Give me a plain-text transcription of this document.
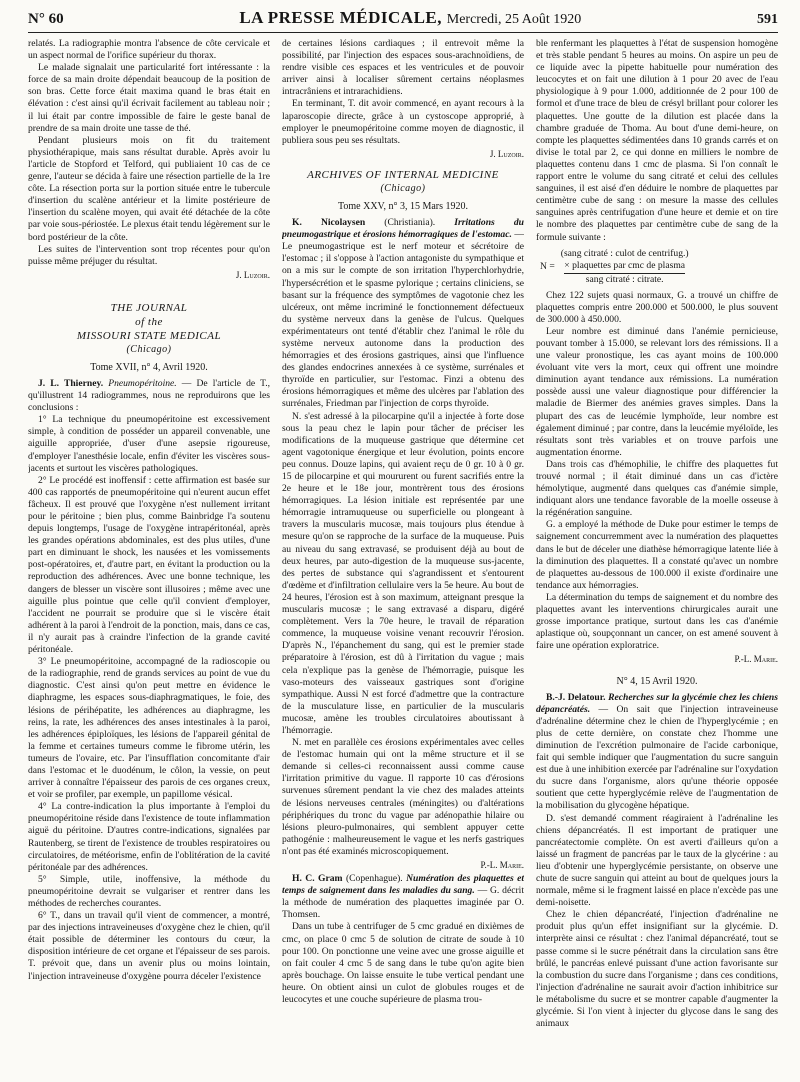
N° 60	LA PRESSE MÉDICALE, Mercredi, 25 Août 1920	591

relatés. La radiographie montra l'absence de côte cervicale et un aspect normal de l'orifice supérieur du thorax.

Le malade signalait une particularité fort intéressante : la force de sa main droite dépendait beaucoup de la position de son bras. Cette force était maxima quand le bras était en élévation : c'est ainsi qu'il écrivait facilement au tableau noir ; il lui était par contre impossible de faire le geste banal de prendre de sa main droite une tasse de thé.

Pendant plusieurs mois on fit du traitement physiothérapique, mais sans résultat durable. Après avoir lu l'article de Stopford et Telford, qui publiaient 10 cas de ce genre, l'auteur se décida à faire une résection partielle de la 1re côte. La résection porta sur la portion située entre le tubercule d'insertion du scalène antérieur et la limite postérieure de l'insertion du scalène moyen, qui avait été détachée de la côte par voie sous-périostée. Le plexus était tendu légèrement sur le bord postérieur de la côte.

Les suites de l'intervention sont trop récentes pour qu'on puisse même préjuger du résultat.

J. Luzoir.
THE JOURNAL
of the
MISSOURI STATE MEDICAL
(Chicago)
Tome XVII, n° 4, Avril 1920.

J. L. Thierney. Pneumopéritoine. — De l'article de T., qu'illustrent 14 radiogrammes, nous ne reproduirons que les conclusions :

1° La technique du pneumopéritoine est excessivement simple, à condition de posséder un appareil convenable, une aiguille appropriée, d'user d'une asepsie rigoureuse, d'employer l'anesthésie locale, enfin d'éviter les viscères sous-jacents et surtout les viscères pathologiques.

2° Le procédé est inoffensif : cette affirmation est basée sur 400 cas rapportés de pneumopéritoine qui n'eurent aucun effet fâcheux. Il est prouvé que l'oxygène n'est nullement irritant pour le péritoine ; bien plus, comme Bainbridge l'a soutenu depuis longtemps, l'usage de l'oxygène intrapéritonéal, après les grandes opérations abdominales, est des plus utiles, d'une part en diminuant le shock, les nausées et les vomissements post-opératoires, et, d'autre part, en évitant la production ou la reproduction des adhérences. Avec une bonne technique, les dangers de blesser un viscère sont illusoires ; même avec une aiguille plus pointue que celle qu'il convient d'employer, l'accident ne pourrait se produire que si le viscère était adhérent à la paroi à l'endroit de la ponction, mais, dans ce cas, il n'y aurait pas à craindre l'infection de la grande cavité péritonéale.

3° Le pneumopéritoine, accompagné de la radioscopie ou de la radiographie, rend de grands services au point de vue du diagnostic. C'est ainsi qu'on peut mettre en évidence le diaphragme, les espaces sous-diaphragmatiques, le foie, des lésions de périhépatite, les adhérences au diaphragme, les reins, la rate, les adhérences des anses intestinales à la paroi, les adhérences épiploïques, les lésions de l'appareil génital de la femme et certaines tumeurs comme le fibrome utérin, les tumeurs de l'ovaire, etc. Par l'insufflation concomitante d'air dans l'estomac et le duodénum, le côlon, la vessie, on peut arriver à connaître l'épaisseur des parois de ces organes creux, et voir se profiler, par exemple, un papillome vésical.

4° La contre-indication la plus importante à l'emploi du pneumopéritoine réside dans l'existence de toute inflammation aiguë du péritoine. D'autres contre-indications, signalées par Rautenberg, se tirent de l'existence de troubles respiratoires ou circulatoires, de météorisme, enfin de l'oblitération de la cavité péritonéale par des adhérences.

5° Simple, utile, inoffensive, la méthode du pneumopéritoine devrait se vulgariser et rentrer dans les méthodes de recherches courantes.

6° T., dans un travail qu'il vient de commencer, a montré, par des injections intraveineuses d'oxygène chez le chien, qu'il était possible de déterminer les contours du cœur, la disposition intérieure de cet organe et l'épaisseur de ses parois. T. prévoit que, dans un avenir plus ou moins lointain, l'injection intraveineuse d'oxygène pourra déceler l'existence

de certaines lésions cardiaques ; il entrevoit même la possibilité, par l'injection des espaces sous-arachnoïdiens, de rendre visible ces espaces et les ventricules et de pouvoir arriver ainsi à localiser sûrement certains néoplasmes intracrâniens et intrarachidiens.

En terminant, T. dit avoir commencé, en ayant recours à la laparoscopie directe, grâce à un cystoscope approprié, à employer le pneumopéritoine comme moyen de diagnostic, il publiera sous peu ses résultats.

J. Luzoir.
ARCHIVES OF INTERNAL MEDICINE
(Chicago)
Tome XXV, n° 3, 15 Mars 1920.

K. Nicolaysen (Christiania). Irritations du pneumogastrique et érosions hémorragiques de l'estomac. — Le pneumogastrique est le nerf moteur et sécrétoire de l'estomac ; il s'oppose à l'action antagoniste du sympathique et on a mis sur le compte de son irritation l'hyperchlorhydrie, l'hypersécrétion et le spasme pylorique ; certains cliniciens, se basant sur la fréquence des symptômes de vagotonie chez les ulcéreux, ont même incriminé le fonctionnement défectueux du système nerveux dans la genèse de l'ulcus. Quelques expérimentateurs ont tenté d'établir chez l'animal le rôle du système nerveux autonome dans la production des hémorragies et des érosions gastriques, ainsi que l'influence des glandes endocrines annexées à ce système, surrénales et thyroïde en particulier, sur l'estomac. Finzi a obtenu des érosions hémorragiques et même des ulcères par l'ablation des surrénales, Friedman par l'injection de corps thyroïde.

N. s'est adressé à la pilocarpine qu'il a injectée à forte dose sous la peau chez le lapin pour tâcher de préciser les modifications de la muqueuse gastrique que détermine cet agent vagotonique énergique et leur évolution, points encore peu connus. Douze lapins, qui avaient reçu de 0 gr. 10 à 0 gr. 15 de pilocarpine et qui moururent ou furent sacrifiés entre la 2e heure et le 18e jour, montrèrent tous des érosions hémorragiques. La lésion initiale est représentée par une hémorragie intramuqueuse ou superficielle ou plongeant à travers la muscularis mucosæ, mais toujours plus étendue à mesure qu'on se rapproche de la surface de la muqueuse. Puis au niveau du sang extravasé, se produisent déjà au bout de deux heures, par auto-digestion de la muqueuse sus-jacente, des pertes de substance qui s'agrandissent et s'entourent d'œdème et d'infiltration cellulaire vers la 5e heure. Au bout de 24 heures, l'érosion est à son maximum, atteignant presque la muscularis mucosæ ; le sang extravasé a disparu, digéré complètement. Vers la 70e heure, le travail de réparation commence, la muqueuse voisine venant recouvrir l'érosion. D'après N., l'épanchement du sang, qui est le premier stade préparatoire à l'érosion, est dû à l'irritation du vague ; mais cela n'explique pas la genèse de l'hémorragie, puisque les vaso-moteurs des vaisseaux gastriques sont d'origine sympathique. Aussi N est forcé d'admettre que la contracture de la musculature lisse, en particulier de la muscularis mucosæ, amène les troubles circulatoires aboutissant à l'hémorragie.

N. met en parallèle ces érosions expérimentales avec celles de l'estomac humain qui ont la même structure et il se demande si celles-ci reconnaissent aussi comme cause l'irritation primitive du vague. Il rapporte 10 cas d'érosions survenues sûrement pendant la vie chez des malades atteints de lésions nerveuses centrales (méningites) ou d'altérations périphériques du tronc du vague par adénopathie hilaire ou lésions pleuro-pulmonaires, qui semblent appuyer cette pathogénie : malheureusement le vague et les nerfs gastriques n'ont pas été examinés microscopiquement.

P.-L. Marie.

H. C. Gram (Copenhague). Numération des plaquettes et temps de saignement dans les maladies du sang. — G. décrit la méthode de numération des plaquettes imaginée par O. Thomsen.

Dans un tube à centrifuger de 5 cmc gradué en dixièmes de cmc, on place 0 cmc 5 de solution de citrate de soude à 10 pour 100. On ponctionne une veine avec une grosse aiguille et on fait couler 4 cmc 5 de sang dans le tube qu'on agite bien après bouchage. On laisse ensuite le tube vertical pendant une heure. On obtient ainsi un culot de globules rouges et de leucocytes et une couche supérieure de plasma trou-

ble renfermant les plaquettes à l'état de suspension homogène et très stable pendant 5 heures au moins. On aspire un peu de ce liquide avec la pipette habituelle pour numération des leucocytes et on fait une dilution à 1 pour 20 avec de l'eau physiologique à 9 pour 1.000, additionnée de 2 pour 100 de formol et d'une trace de bleu de crésyl brillant pour colorer les plaquettes. Une goutte de la dilution est placée dans la chambre graduée de Thoma. Au bout d'une demi-heure, on compte les plaquettes sédimentées dans 10 grands carrés et on divise le total par 2, ce qui donne en milliers le nombre de plaquettes contenu dans 1 cmc de plasma. Si l'on connaît le rapport entre le volume du sang citraté et celui des cellules sanguines, il est aisé d'en déduire le nombre de plaquettes par centimètre cube de sang : on mesure la masse des cellules sanguines après centrifugation d'une heure et demie et on tire le nombre des plaquettes par centimètre cube de sang de la formule suivante :

N =
(sang citraté : culot de centrifug.)
× plaquettes par cmc de plasma
sang citraté : citrate.

Chez 122 sujets quasi normaux, G. a trouvé un chiffre de plaquettes compris entre 200.000 et 500.000, le plus souvent de 300.000 à 450.000.

Leur nombre est diminué dans l'anémie pernicieuse, pouvant tomber à 15.000, se relevant lors des rémissions. Il a une valeur pronostique, les cas ayant moins de 100.000 évoluant vite vers la mort, ceux qui offrent une moindre diminution ayant tendance aux rémissions. La numération possède aussi une valeur diagnostique pour différencier la maladie de Biermer des anémies graves simples. Dans la plupart des cas de leucémie lymphoïde, leur nombre est également diminué ; par contre, dans la leucémie myéloïde, les résultats sont très variables et on trouve parfois une augmentation énorme.

Dans trois cas d'hémophilie, le chiffre des plaquettes fut trouvé normal ; il était diminué dans un cas d'ictère hémolytique, augmenté dans quelques cas d'anémie simple, indiquant alors une tendance favorable de la moelle osseuse à la régénération sanguine.

G. a employé la méthode de Duke pour estimer le temps de saignement concurremment avec la numération des plaquettes dans le but de déceler une diathèse hémorragique latente liée à la diminution des plaquettes. Il a constaté qu'avec un nombre de plaquettes au-dessous de 100.000 il existe d'ordinaire une tendance aux hémorragies.

La détermination du temps de saignement et du nombre des plaquettes avant les interventions chirurgicales aurait une grosse importance pratique, surtout dans les cas d'anémie aplastique où, soupçonnant un cancer, on est amené souvent à faire une opération exploratrice.

P.-L. Marie.
N° 4, 15 Avril 1920.

B.-J. Delatour. Recherches sur la glycémie chez les chiens dépancréatés. — On sait que l'injection intraveineuse d'adrénaline détermine chez le chien de l'hyperglycémie ; en plus de cette dernière, on constate chez l'homme une diminution de l'excrétion pulmonaire de l'acide carbonique, fait qui semble indiquer que l'augmentation du sucre sanguin est due à une inhibition exercée par l'adrénaline sur l'oxydation du sucre dans l'organisme, alors qu'une théorie opposée soutient que cette hyperglycémie relève de l'augmentation de la mobilisation du glycogène hépatique.

D. s'est demandé comment réagiraient à l'adrénaline les chiens dépancréatés. Il est important de pratiquer une pancréatectomie complète. On est averti d'ailleurs qu'on a laissé un fragment de pancréas par le taux de la glycérine : au lieu d'obtenir une hyperglycémie persistante, on observe une chute de sucre sanguin qui atteint au bout de quelques jours la normale, même si le fragment laissé en place n'excède pas une demi-noisette.

Chez le chien dépancréaté, l'injection d'adrénaline ne produit plus qu'un effet insignifiant sur la glycémie. D. interprète ainsi ce résultat : chez l'animal dépancréaté, tout se passe comme si le sucre pénétrait dans la circulation sans être brûlé, le pancréas enlevé puissant d'une action favorisante sur la combustion du sucre dans l'organisme ; dans ces conditions, l'injection d'adrénaline ne saurait avoir d'action inhibitrice sur le métabolisme du sucre et se montrer capable d'augmenter la glycémie. Si l'on vient à injecter du glycose dans le sang des animaux
